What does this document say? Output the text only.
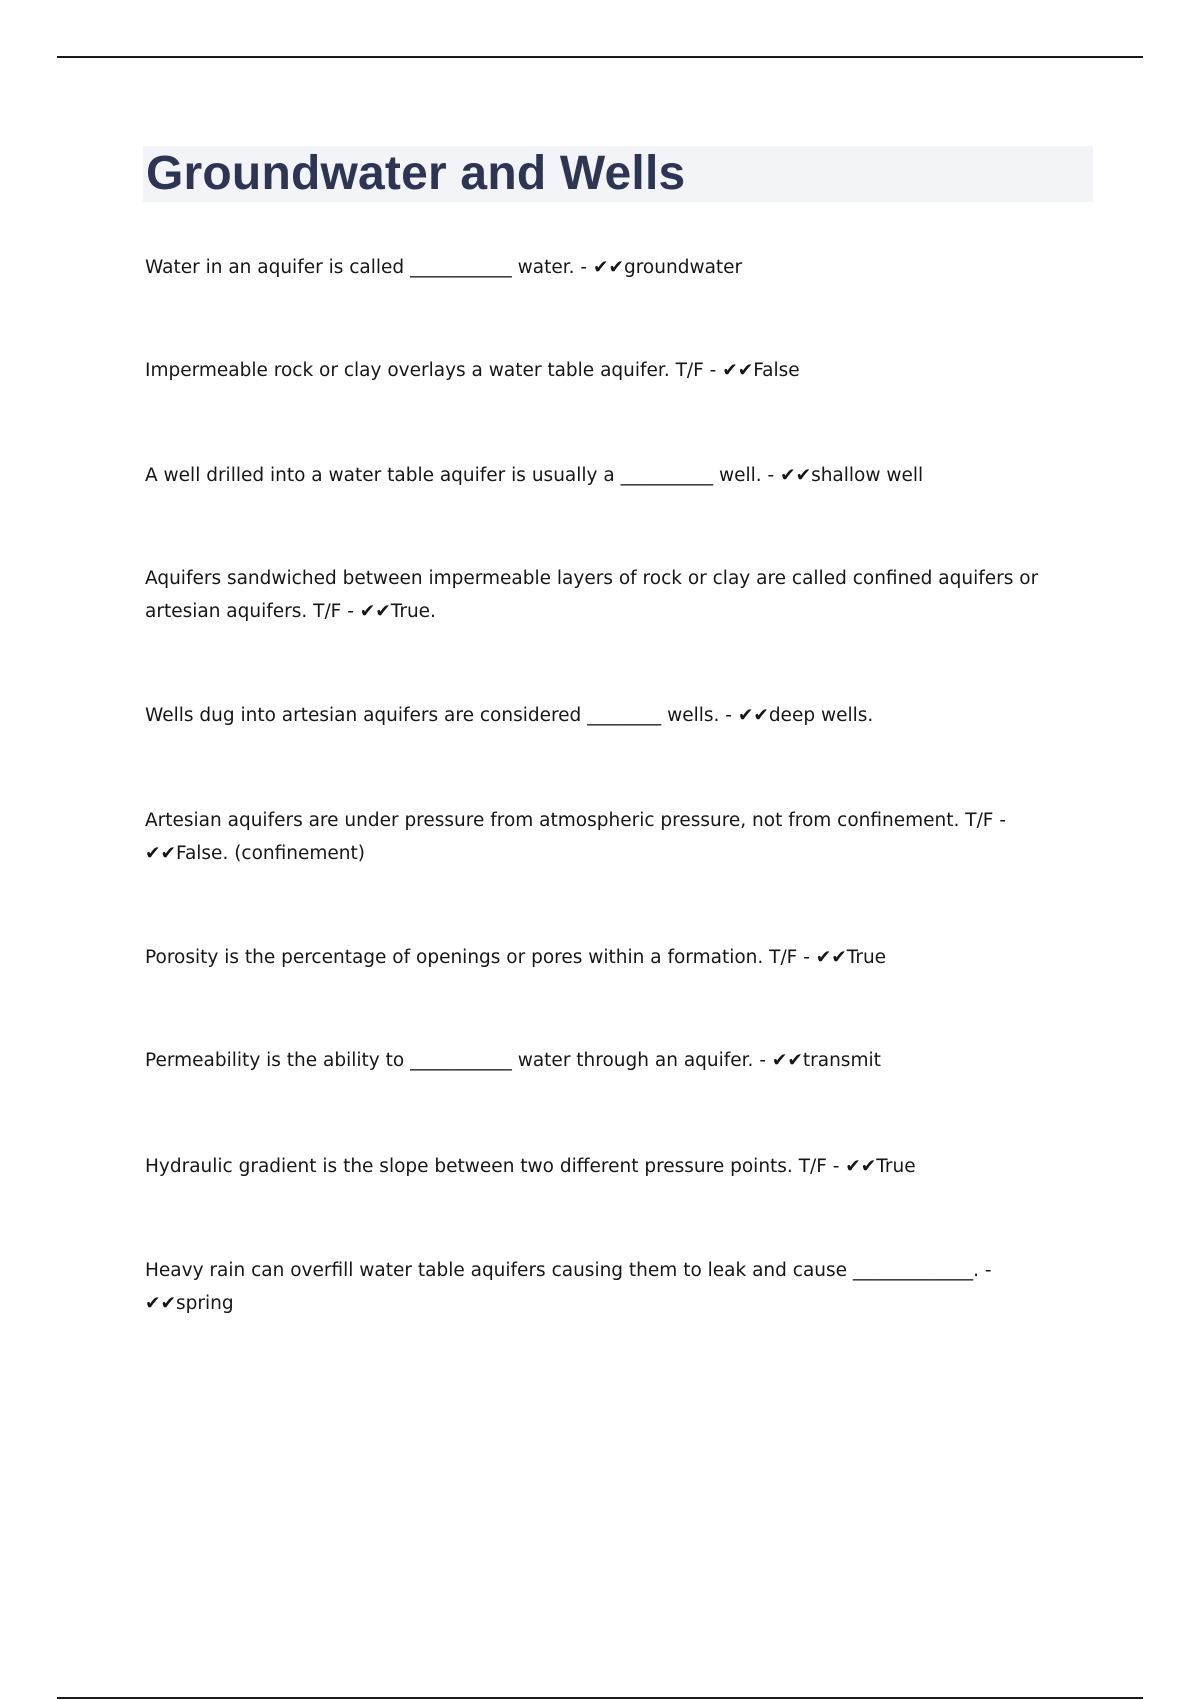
Groundwater and Wells

Water in an aquifer is called ___________ water. - ✔✔groundwater

Impermeable rock or clay overlays a water table aquifer. T/F - ✔✔False

A well drilled into a water table aquifer is usually a __________ well. - ✔✔shallow well

Aquifers sandwiched between impermeable layers of rock or clay are called confined aquifers or artesian aquifers. T/F - ✔✔True.

Wells dug into artesian aquifers are considered ________ wells. - ✔✔deep wells.

Artesian aquifers are under pressure from atmospheric pressure, not from confinement. T/F - ✔✔False. (confinement)

Porosity is the percentage of openings or pores within a formation. T/F - ✔✔True

Permeability is the ability to ___________ water through an aquifer. - ✔✔transmit

Hydraulic gradient is the slope between two different pressure points. T/F - ✔✔True

Heavy rain can overfill water table aquifers causing them to leak and cause _____________. - ✔✔spring
